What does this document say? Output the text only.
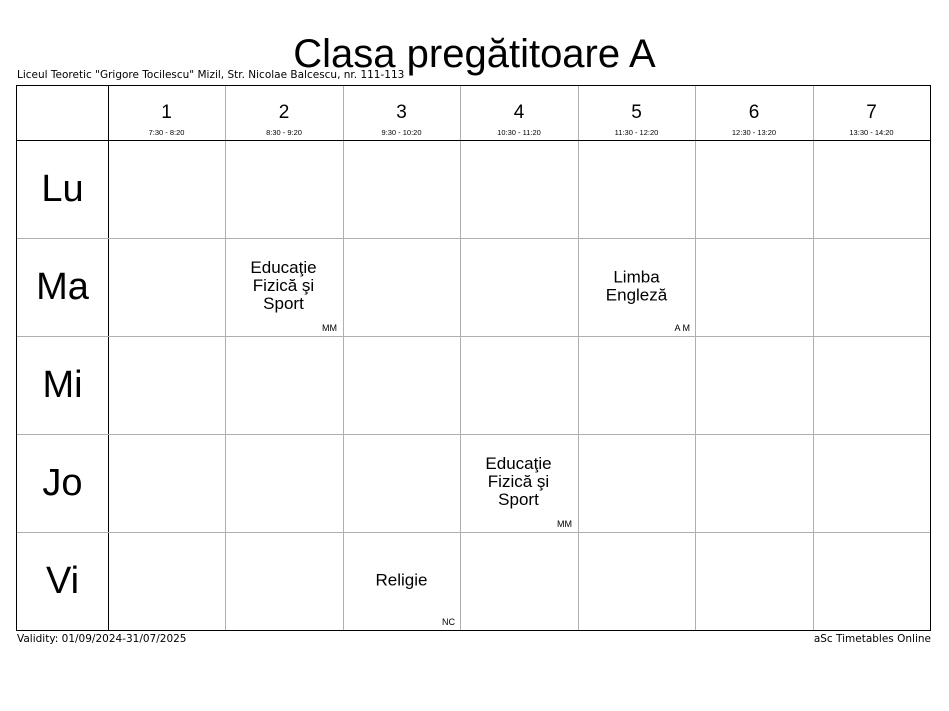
Clasa pregătitoare A
Liceul Teoretic "Grigore Tocilescu" Mizil, Str. Nicolae Balcescu, nr. 111-113
1
7:30 - 8:20
2
8:30 - 9:20
3
9:30 - 10:20
4
10:30 - 11:20
5
11:30 - 12:20
6
12:30 - 13:20
7
13:30 - 14:20
Lu
Ma
Mi
Jo
Vi
Educaţie
Fizică şi
Sport
MM
Limba
Engleză
A M
Educaţie
Fizică şi
Sport
MM
Religie
NC
Validity: 01/09/2024-31/07/2025	aSc Timetables Online
